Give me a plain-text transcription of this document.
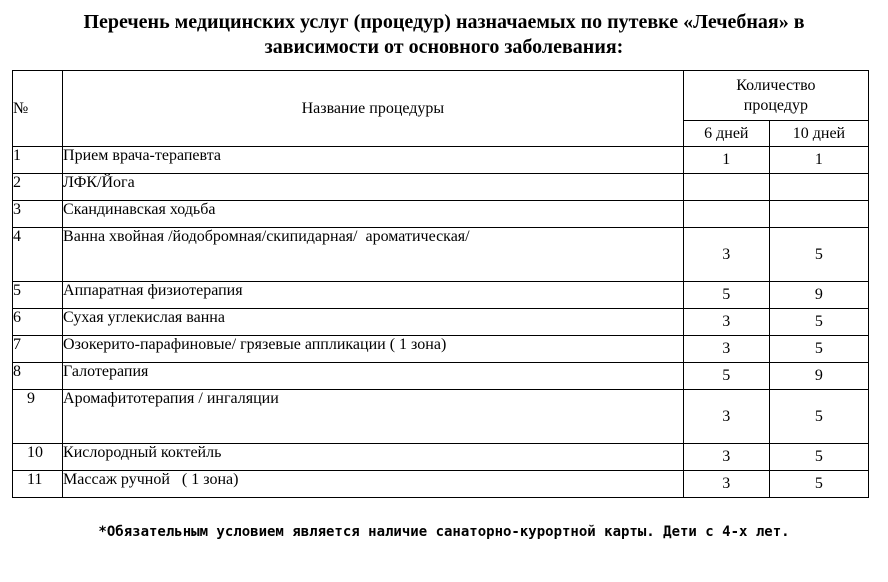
Перечень медицинских услуг (процедур) назначаемых по путевке «Лечебная» в
зависимости от основного заболевания:
№	Название процедуры	Количество
процедур	

		6 дней	10 дней
1	Прием врача-терапевта	1	1
2	ЛФК/Йога		
3	Скандинавская ходьба		
4	Ванна хвойная /йодобромная/скипидарная/  ароматическая/	3	5
5	Аппаратная физиотерапия	5	9
6	Сухая углекислая ванна	3	5
7	Озокерито-парафиновые/ грязевые аппликации ( 1 зона)	3	5
8	Галотерапия	5	9
9	Аромафитотерапия / ингаляции	3	5
10	Кислородный коктейль	3	5
11	Массаж ручной   ( 1 зона)	3	5
*Обязательным условием является наличие санаторно-курортной карты. Дети с 4-х лет.
